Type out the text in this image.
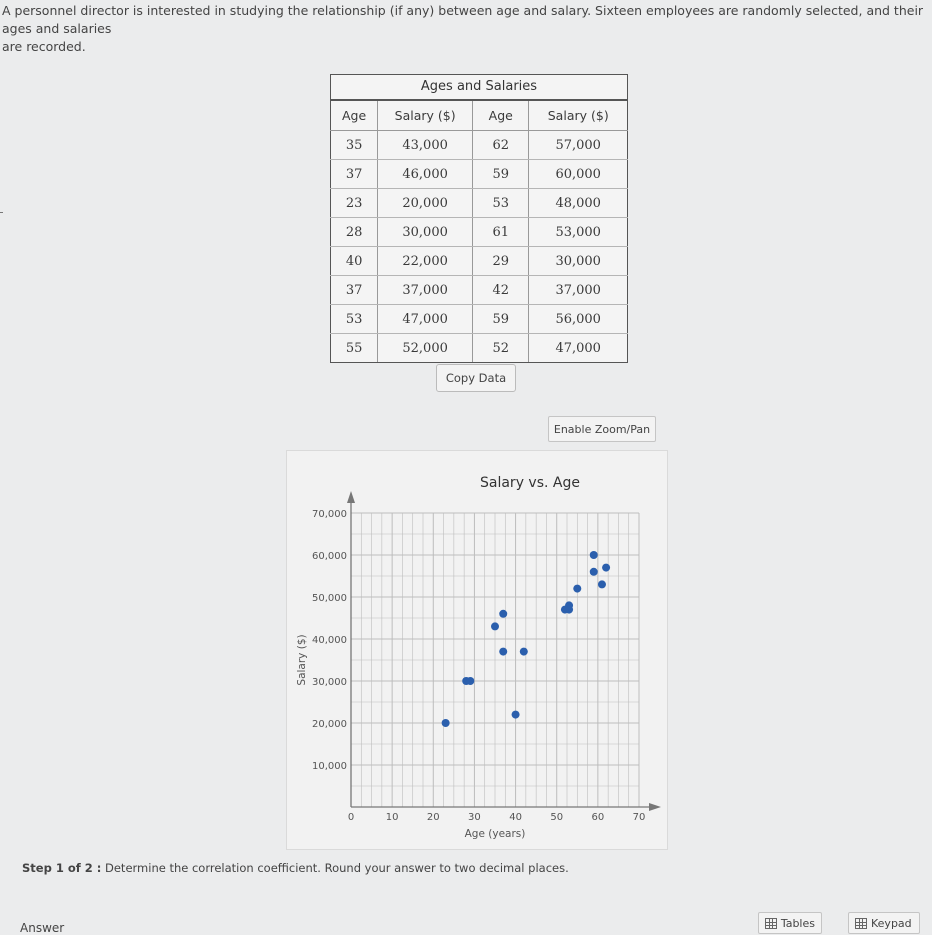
A personnel director is interested in studying the relationship (if any) between age and salary. Sixteen employees are randomly selected, and their ages and salaries
are recorded.
Ages and Salaries
Age	Salary ($)	Age	Salary ($)
35	43,000	62	57,000
37	46,000	59	60,000
23	20,000	53	48,000
28	30,000	61	53,000
40	22,000	29	30,000
37	37,000	42	37,000
53	47,000	59	56,000
55	52,000	52	47,000
Copy Data
Enable Zoom/Pan
Salary vs. Age
0	10	20	30	40	50	60	70
10,000
20,000
30,000
40,000
50,000
60,000
70,000
Age (years)
Salary ($)
Step 1 of 2 : Determine the correlation coefficient. Round your answer to two decimal places.
Answer	Tables	Keypad
